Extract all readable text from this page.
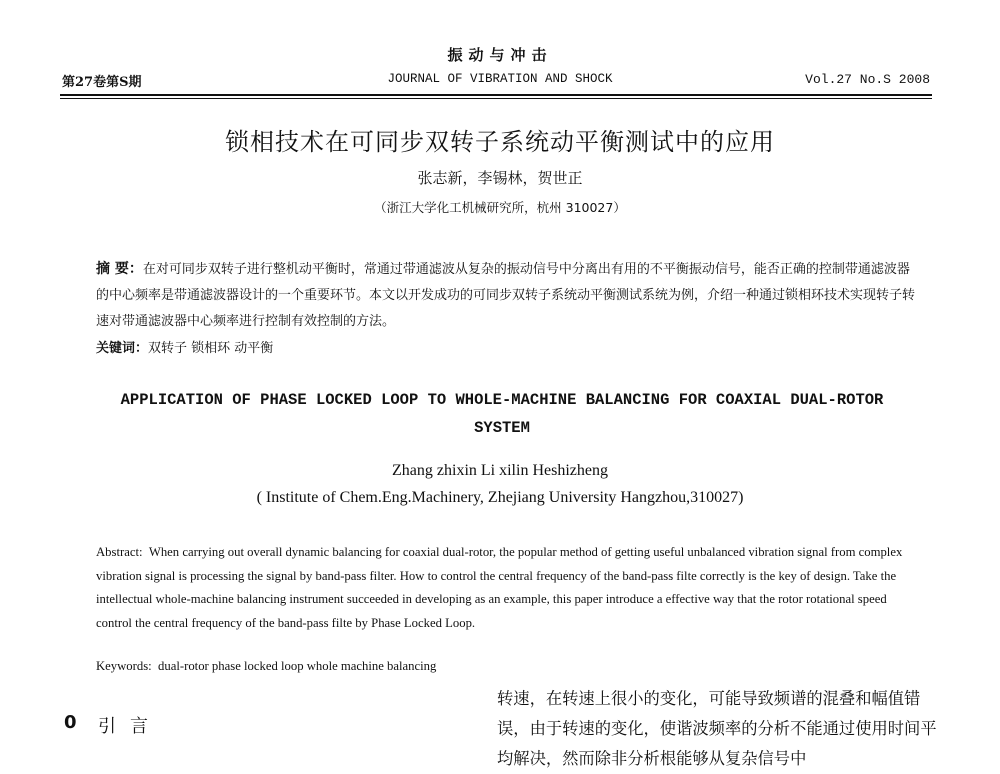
振动与冲击
第27卷第S期	JOURNAL OF VIBRATION AND SHOCK	Vol.27 No.S 2008
锁相技术在可同步双转子系统动平衡测试中的应用
张志新，李锡林，贺世正
（浙江大学化工机械研究所，杭州 310027）
摘 要：在对可同步双转子进行整机动平衡时，常通过带通滤波从复杂的振动信号中分离出有用的不平衡振动信号，能否正确的控制带通滤波器的中心频率是带通滤波器设计的一个重要环节。本文以开发成功的可同步双转子系统动平衡测试系统为例，介绍一种通过锁相环技术实现转子转速对带通滤波器中心频率进行控制有效控制的方法。
关键词：双转子 锁相环 动平衡
APPLICATION OF PHASE LOCKED LOOP TO WHOLE-MACHINE BALANCING FOR COAXIAL DUAL-ROTOR SYSTEM
Zhang zhixin Li xilin Heshizheng
( Institute of Chem.Eng.Machinery, Zhejiang University Hangzhou,310027)
Abstract: When carrying out overall dynamic balancing for coaxial dual-rotor, the popular method of getting useful unbalanced vibration signal from complex vibration signal is processing the signal by band-pass filter. How to control the central frequency of the band-pass filte correctly is the key of design. Take the intellectual whole-machine balancing instrument succeeded in developing as an example, this paper introduce a effective way that the rotor rotational speed control the central frequency of the band-pass filte by Phase Locked Loop.
Keywords: dual-rotor phase locked loop whole machine balancing
0 引言
转速，在转速上很小的变化，可能导致频谱的混叠和幅值错误，由于转速的变化，使谐波频率的分析不能通过使用时间平均解决，然而除非分析根能够从复杂信号中
